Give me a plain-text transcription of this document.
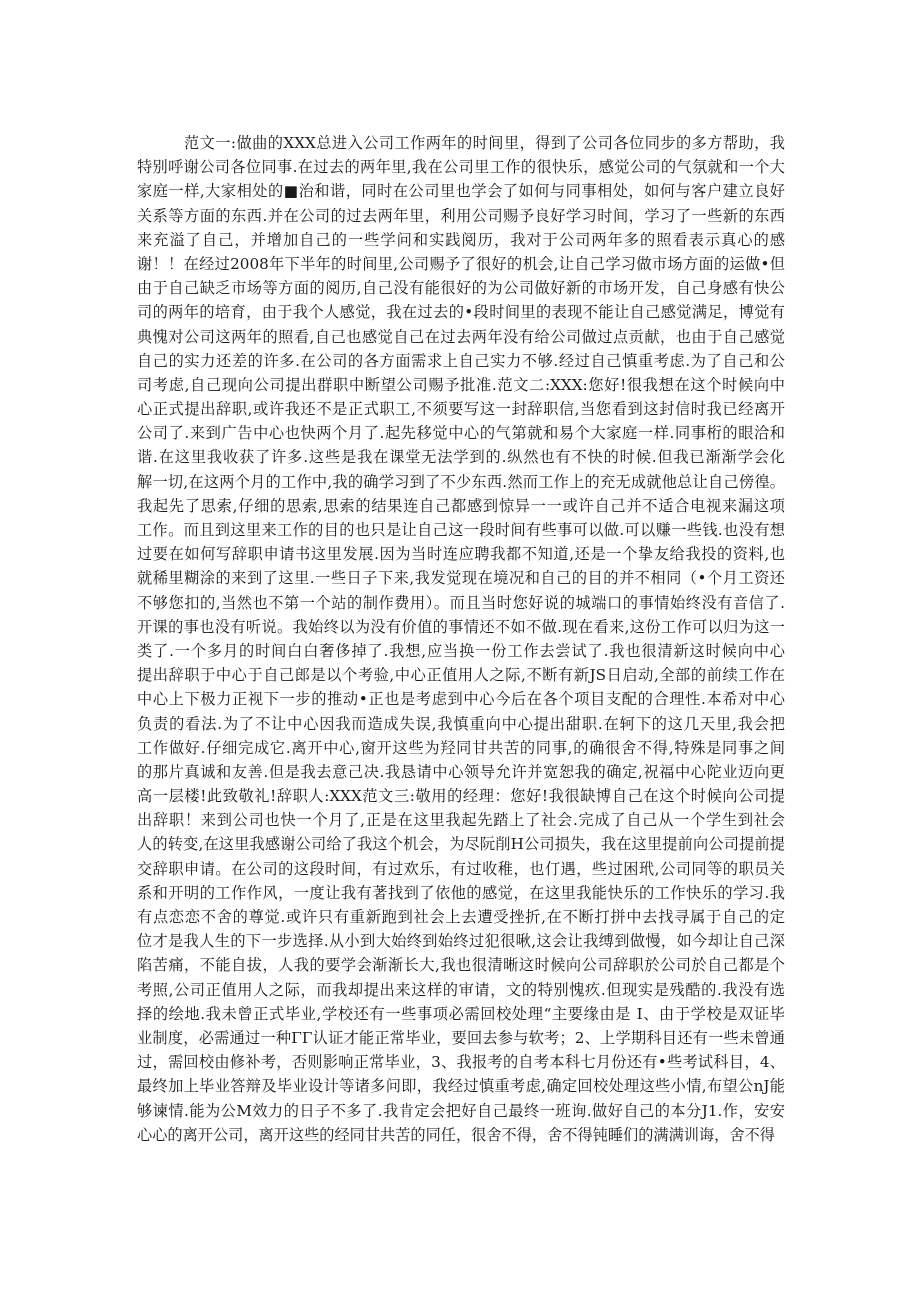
范文一:做曲的XXX总进入公司工作两年的时间里，得到了公司各位同步的多方帮助，我
特别呼谢公司各位同事.在过去的两年里,我在公司里工作的很快乐，感觉公司的气氛就和一个大
家庭一样,大家相处的■治和谐，同时在公司里也学会了如何与同事相处，如何与客户建立良好
关系等方面的东西.并在公司的过去两年里，利用公司赐予良好学习时间，学习了一些新的东西
来充溢了自己，并增加自己的一些学问和实践阅历，我对于公司两年多的照看表示真心的感
谢！！在经过2008年下半年的时间里,公司赐予了很好的机会,让自己学习做市场方面的运做•但
由于自己缺乏市场等方面的阅历,自己没有能很好的为公司做好新的市场开发，自己身感有快公
司的两年的培育，由于我个人感觉，我在过去的•段时间里的表现不能让自己感觉满足，博觉有
典愧对公司这两年的照看,自己也感觉自己在过去两年没有给公司做过点贡献，也由于自己感觉
自己的实力还差的许多.在公司的各方面需求上自己实力不够.经过自己慎重考虑.为了自己和公
司考虑,自己现向公司提出群职中断望公司赐予批准.范文二:XXX:您好!很我想在这个时候向中
心正式提出辞职,或许我还不是正式职工,不须要写这一封辞职信,当您看到这封信时我已经离开
公司了.来到广告中心也快两个月了.起先移觉中心的气第就和易个大家庭一样.同事桁的眼洽和
谐.在这里我收获了许多.这些是我在课堂无法学到的.纵然也有不快的时候.但我已渐渐学会化
解一切,在这两个月的工作中,我的确学习到了不少东西.然而工作上的充无成就他总让自己傍徨。
我起先了思索,仔细的思索,思索的结果连自己都感到惊异一一或许自己并不适合电视来漏这项
工作。而且到这里来工作的目的也只是让自己这一段时间有些事可以做.可以赚一些钱.也没有想
过要在如何写辞职申请书这里发展.因为当时连应聘我都不知道,还是一个挚友给我投的资料,也
就稀里糊涂的来到了这里.一些日子下来,我发觉现在境况和自己的目的并不相同（•个月工资还
不够您扣的,当然也不第一个站的制作费用）。而且当时您好说的城端口的事情始终没有音信了.
开课的事也没有听说。我始终以为没有价值的事情还不如不做.现在看来,这份工作可以归为这一
类了.一个多月的时间白白奢侈掉了.我想,应当换一份工作去尝试了.我也很清新这时候向中心
提出辞职于中心于自己郎是以个考验,中心正值用人之际,不断有新JS日启动,全部的前续工作在
中心上下极力正视下一步的推动•正也是考虑到中心今后在各个项目支配的合理性.本希对中心
负责的看法.为了不让中心因我而造成失误,我慎重向中心提出甜职.在轲下的这几天里,我会把
工作做好.仔细完成它.离开中心,窗开这些为羟同甘共苦的同事,的确很舍不得,特殊是同事之间
的那片真诚和友善.但是我去意己决.我恳请中心领导允许并宽恕我的确定,祝福中心陀业迈向更
高一层楼!此致敬礼!辞职人:XXX范文三:敬用的经理：您好!我很缺博自己在这个时候向公司提
出辞职！来到公司也快一个月了,正是在这里我起先踏上了社会.完成了自己从一个学生到社会
人的转变,在这里我感谢公司给了我这个机会，为尽阮削H公司损失，我在这里提前向公司提前提
交辞职申请。在公司的这段时间，有过欢乐，有过收稚，也仃遇，些过困玳,公司同等的职员关
系和开明的工作作风，一度让我有著找到了依他的感觉，在这里我能快乐的工作快乐的学习.我
有点恋恋不舍的尊觉.或许只有重新跑到社会上去遭受挫折,在不断打拼中去找寻属于自己的定
位才是我人生的下一步选择.从小到大始终到始终过犯很啾,这会让我缚到做慢，如今却让自己深
陷苦痛，不能自拔，人我的要学会渐渐长大,我也很清晰这时候向公司辞职於公司於自己都是个
考照,公司正值用人之际，而我却提出来这样的审请，文的特别愧疚.但现实是残酷的.我没有选
择的绘地.我未曾正式毕业,学校还有一些事项必需回校处理“主要缘由是 I、由于学校是双证毕
业制度，必需通过一种ΓΓ认证才能正常毕业，要回去参与软考；2、上学期科目还有一些未曾通
过，需回校由修补考，否则影响正常毕业，3、我报考的自考本科七月份还有•些考试科目，4、
最终加上毕业答辩及毕业设计等诸多问即，我经过慎重考虑,确定回校处理这些小情,布望公nJ能
够谏情.能为公M效力的日子不多了.我肯定会把好自己最终一班询.做好自己的本分J1.作，安安
心心的离开公司，离开这些的经同甘共苦的同任，很舍不得，舍不得钝睡们的满满训诲，舍不得
